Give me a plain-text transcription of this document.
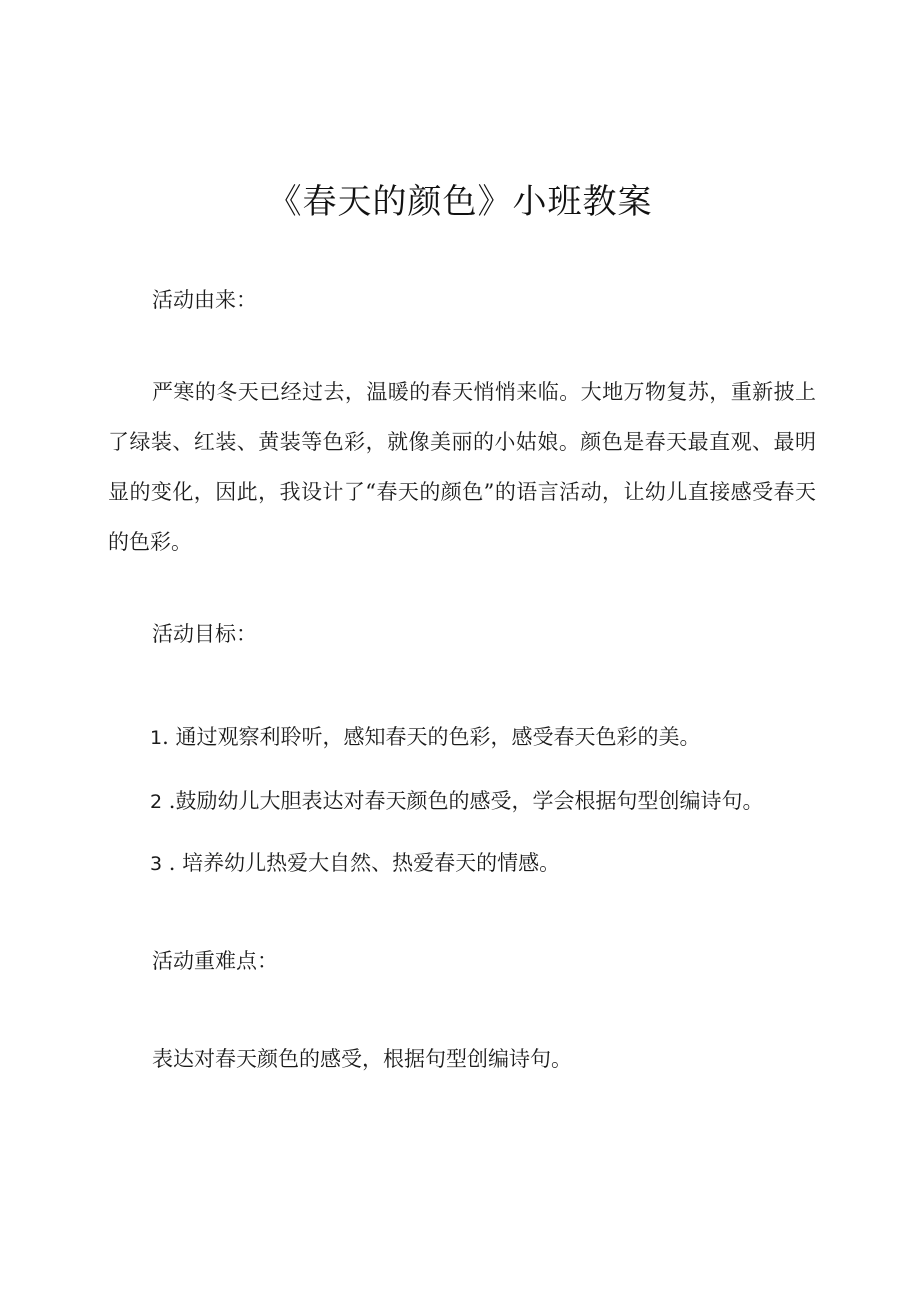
《春天的颜色》小班教案
活动由来：
严寒的冬天已经过去，温暖的春天悄悄来临。大地万物复苏，重新披上了绿装、红装、黄装等色彩，就像美丽的小姑娘。颜色是春天最直观、最明显的变化，因此，我设计了“春天的颜色”的语言活动，让幼儿直接感受春天的色彩。
活动目标：
1. 通过观察利聆听，感知春天的色彩，感受春天色彩的美。
2 .鼓励幼儿大胆表达对春天颜色的感受，学会根据句型创编诗句。
3 . 培养幼儿热爱大自然、热爱春天的情感。
活动重难点：
表达对春天颜色的感受，根据句型创编诗句。
